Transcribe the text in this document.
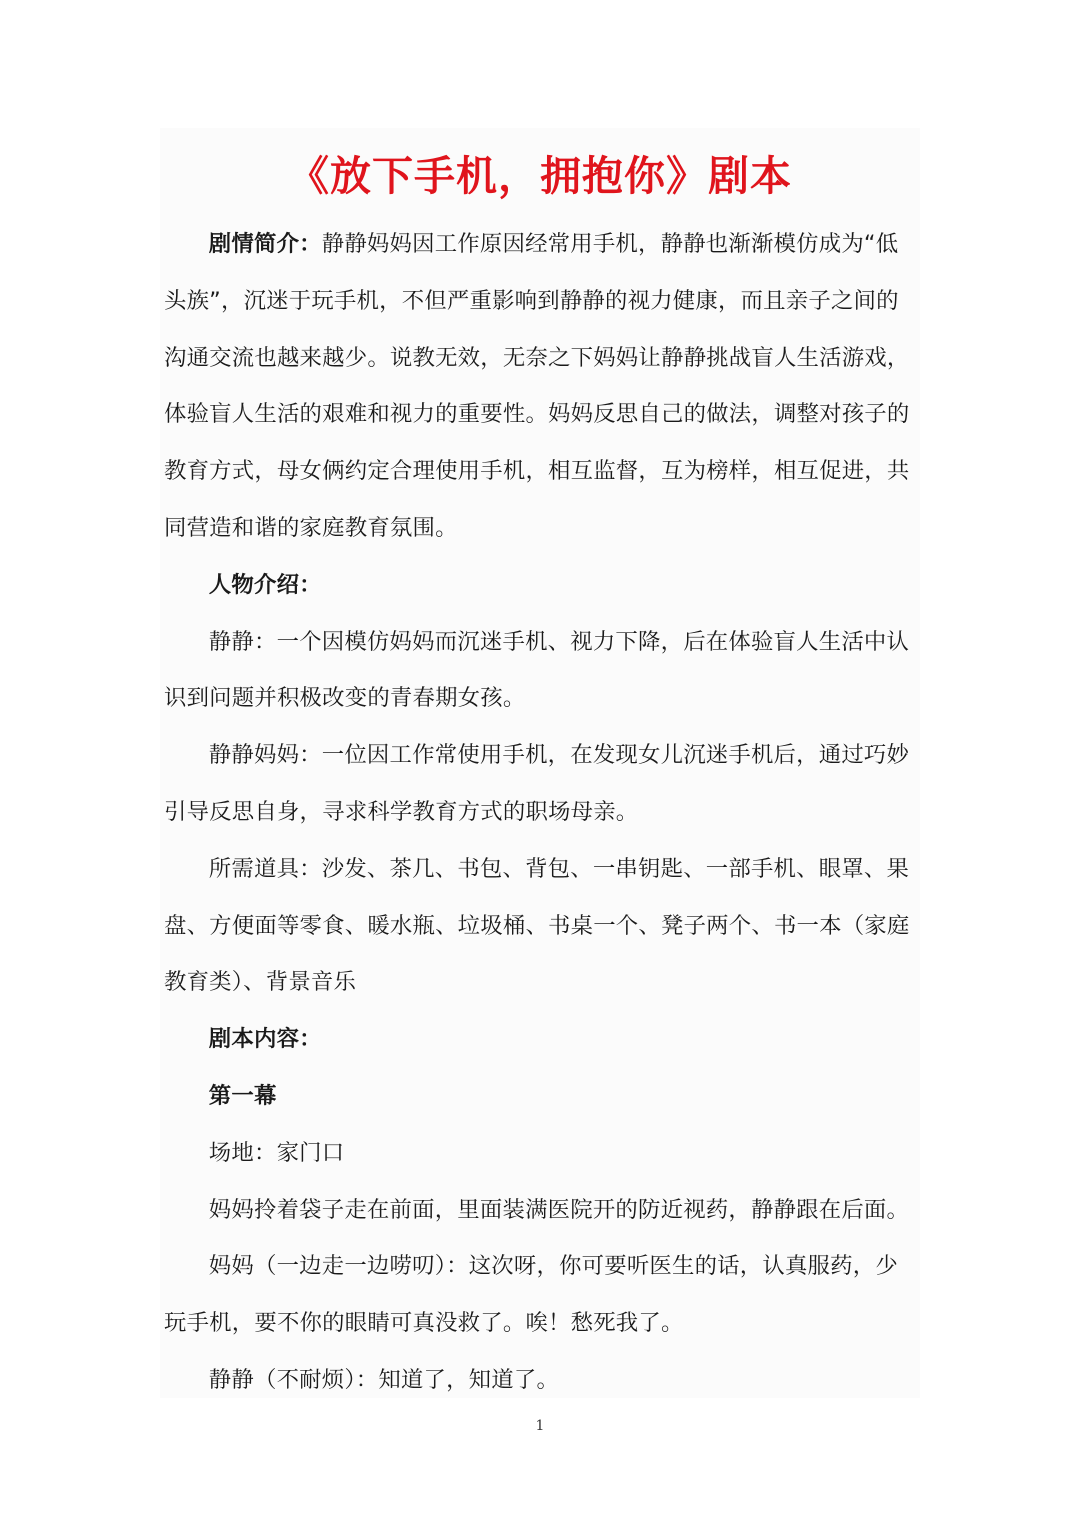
《放下手机，拥抱你》剧本

剧情简介：静静妈妈因工作原因经常用手机，静静也渐渐模仿成为“低头族”，沉迷于玩手机，不但严重影响到静静的视力健康，而且亲子之间的沟通交流也越来越少。说教无效，无奈之下妈妈让静静挑战盲人生活游戏，体验盲人生活的艰难和视力的重要性。妈妈反思自己的做法，调整对孩子的教育方式，母女俩约定合理使用手机，相互监督，互为榜样，相互促进，共同营造和谐的家庭教育氛围。

人物介绍：

静静：一个因模仿妈妈而沉迷手机、视力下降，后在体验盲人生活中认识到问题并积极改变的青春期女孩。

静静妈妈：一位因工作常使用手机，在发现女儿沉迷手机后，通过巧妙引导反思自身，寻求科学教育方式的职场母亲。

所需道具：沙发、茶几、书包、背包、一串钥匙、一部手机、眼罩、果盘、方便面等零食、暖水瓶、垃圾桶、书桌一个、凳子两个、书一本（家庭教育类）、背景音乐

剧本内容：

第一幕

场地：家门口

妈妈拎着袋子走在前面，里面装满医院开的防近视药，静静跟在后面。

妈妈（一边走一边唠叨）：这次呀，你可要听医生的话，认真服药，少玩手机，要不你的眼睛可真没救了。唉！愁死我了。

静静（不耐烦）：知道了，知道了。

1
